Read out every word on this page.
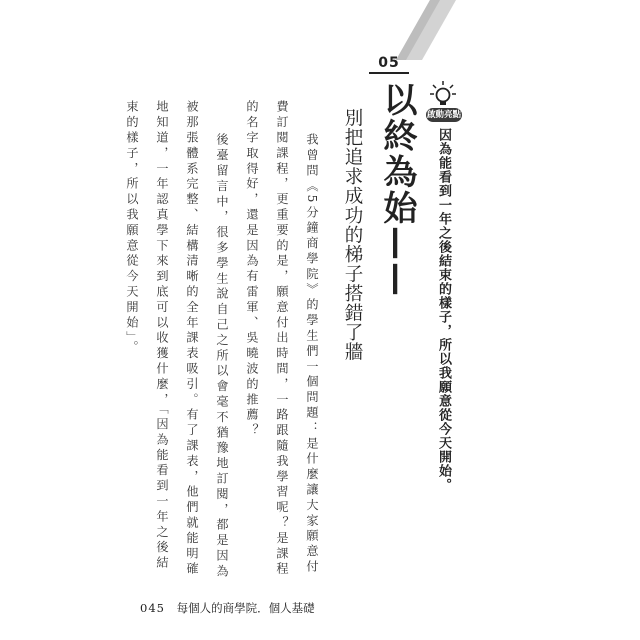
05
以終為始——
別把追求成功的梯子搭錯了牆	啟動亮點
因為能看到一年之後結束的樣子，所以我願意從今天開始。
我曾問《5分鐘商學院》的學生們一個問題：是什麼讓大家願意付
費訂閱課程，更重要的是，願意付出時間，一路跟隨我學習呢？是課程
的名字取得好，還是因為有雷軍、吳曉波的推薦？
後臺留言中，很多學生說自己之所以會毫不猶豫地訂閱，都是因為
被那張體系完整、結構清晰的全年課表吸引。有了課表，他們就能明確
地知道，一年認真學下來到底可以收獲什麼，「因為能看到一年之後結
束的樣子，所以我願意從今天開始」。
045 每個人的商學院．個人基礎
